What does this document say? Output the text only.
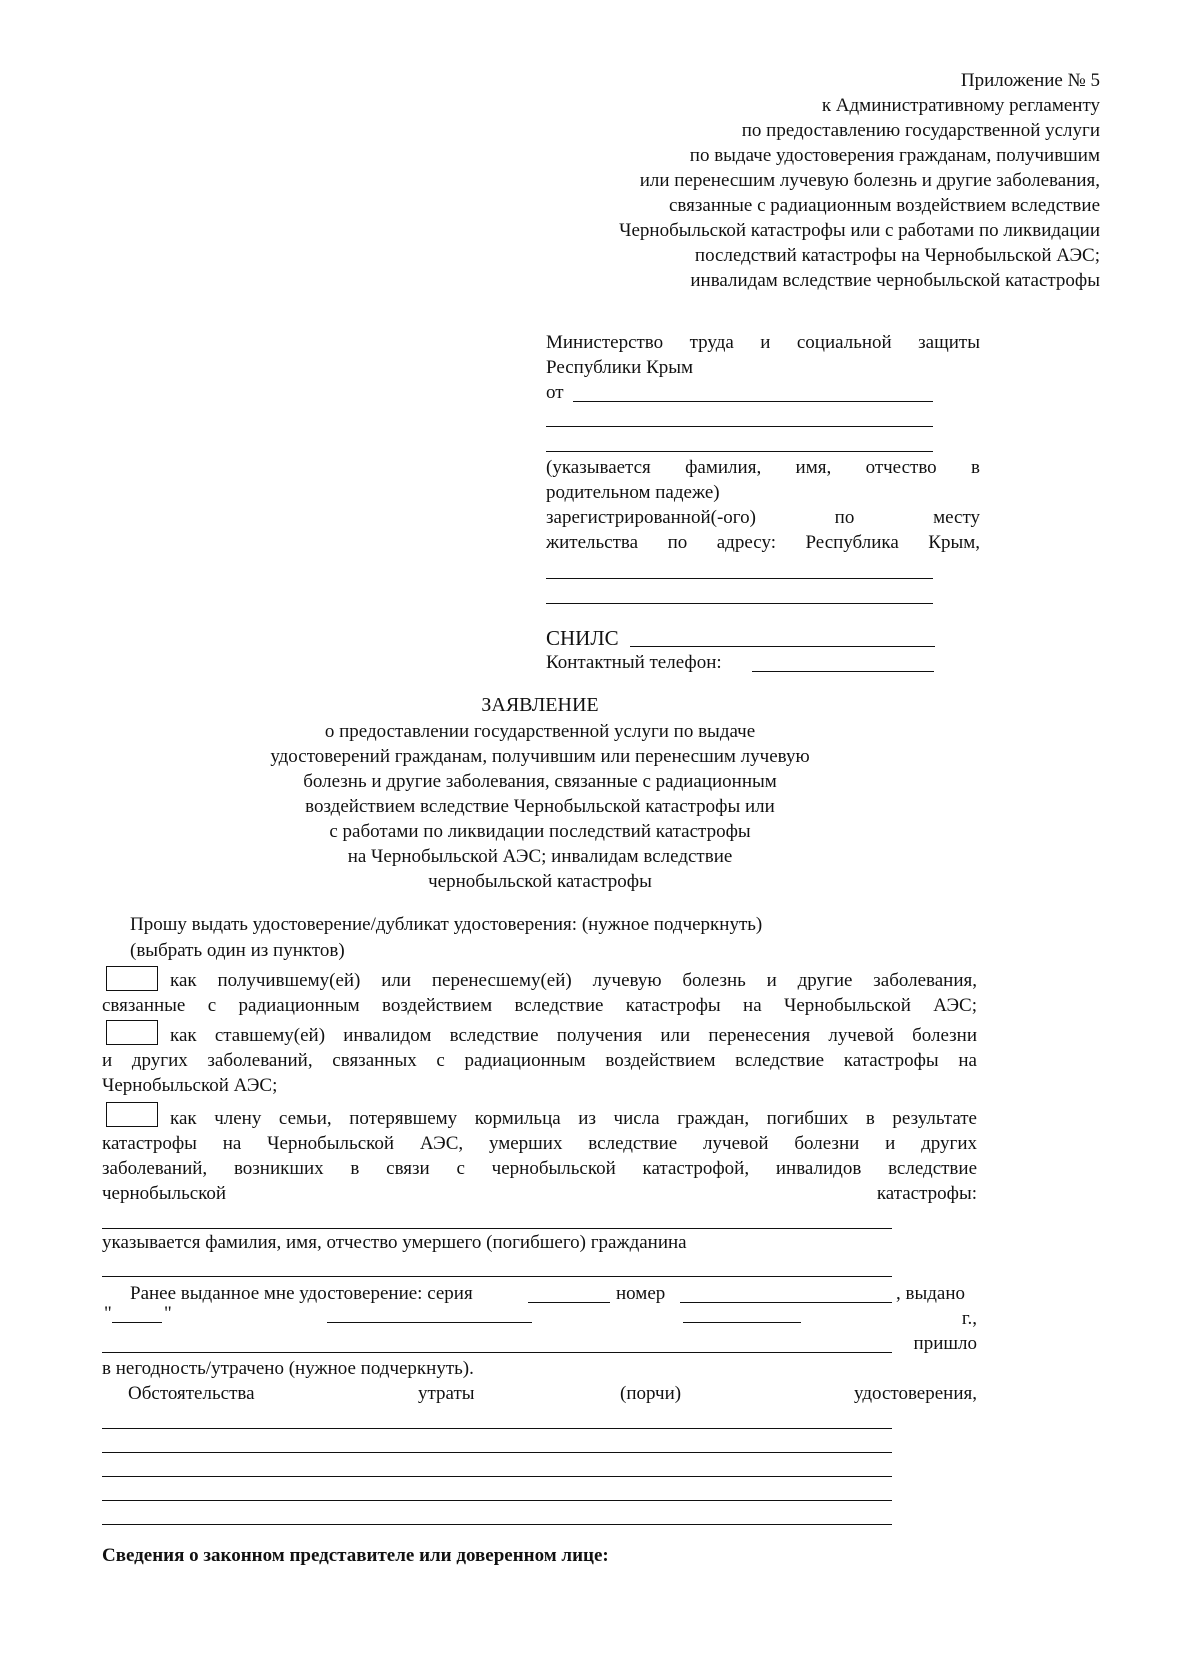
Приложение № 5
к Административному регламенту
по предоставлению государственной услуги
по выдаче удостоверения гражданам, получившим
или перенесшим лучевую болезнь и другие заболевания,
связанные с радиационным воздействием вследствие
Чернобыльской катастрофы или с работами по ликвидации
последствий катастрофы на Чернобыльской АЭС;
инвалидам вследствие чернобыльской катастрофы
Министерство труда и социальной защиты
Республики Крым
от
(указывается фамилия, имя, отчество в
родительном падеже)
зарегистрированной(-ого) по месту
жительства по адресу: Республика Крым,
СНИЛС
Контактный телефон:
ЗАЯВЛЕНИЕ
о предоставлении государственной услуги по выдаче
удостоверений гражданам, получившим или перенесшим лучевую
болезнь и другие заболевания, связанные с радиационным
воздействием вследствие Чернобыльской катастрофы или
с работами по ликвидации последствий катастрофы
на Чернобыльской АЭС; инвалидам вследствие
чернобыльской катастрофы
Прошу выдать удостоверение/дубликат удостоверения: (нужное подчеркнуть)
(выбрать один из пунктов)
как получившему(ей) или перенесшему(ей) лучевую болезнь и другие заболевания,
связанные с радиационным воздействием вследствие катастрофы на Чернобыльской АЭС;
как ставшему(ей) инвалидом вследствие получения или перенесения лучевой болезни
и других заболеваний, связанных с радиационным воздействием вследствие катастрофы на
Чернобыльской АЭС;
как члену семьи, потерявшему кормильца из числа граждан, погибших в результате
катастрофы на Чернобыльской АЭС, умерших вследствие лучевой болезни и других
заболеваний, возникших в связи с чернобыльской катастрофой, инвалидов вследствие
чернобыльской	катастрофы:
указывается фамилия, имя, отчество умершего (погибшего) гражданина
Ранее выданное мне удостоверение: серия	номер	, выдано
"	"	г.,
пришло
в негодность/утрачено (нужное подчеркнуть).
Обстоятельства	утраты	(порчи)	удостоверения,
Сведения о законном представителе или доверенном лице:
